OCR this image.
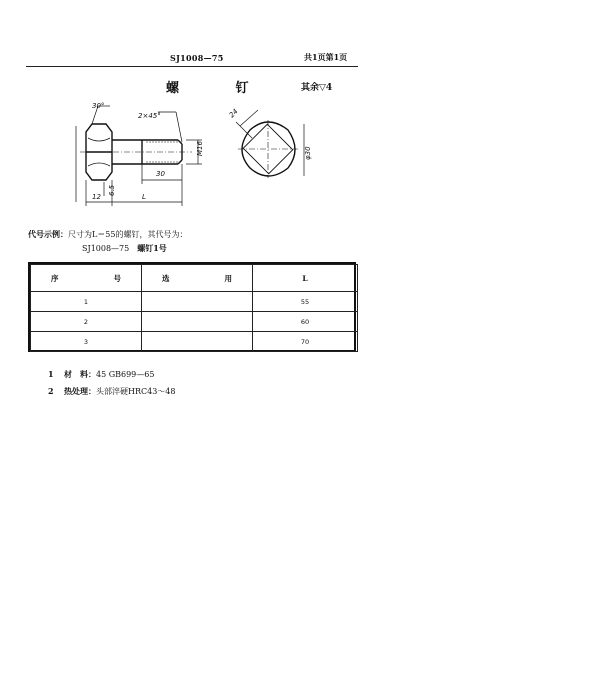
SJ1008—75	共1页第1页
螺 钉	其余▽4
30°
2×45°
M16
30
12
6.5
L
24
φ30
代号示例：尺寸为L＝55的螺钉，其代号为：
SJ1008—75 螺钉1号
序 号	选 用	L
1		55
2		60
3		70
1 材　料：45 GB699—65
2 热处理：头部淬硬HRC43～48
